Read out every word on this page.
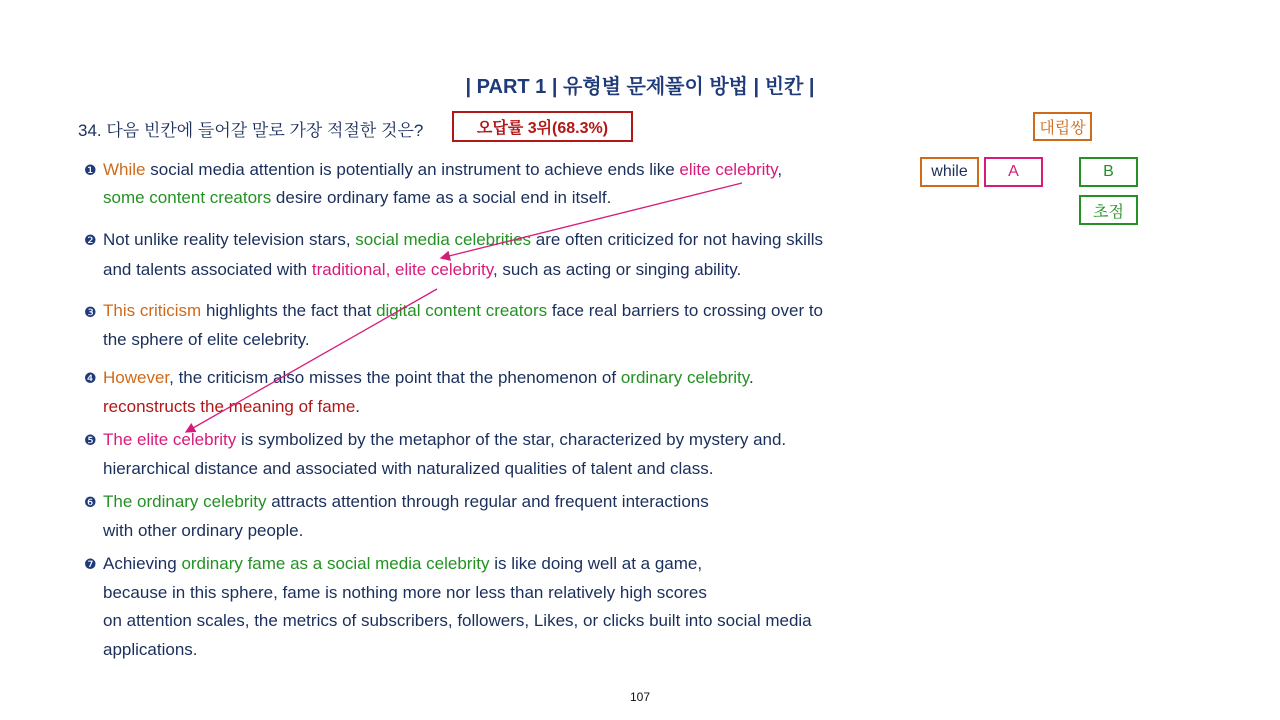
| PART 1 | 유형별 문제풀이 방법 | 빈칸 |
34. 다음 빈칸에 들어갈 말로 가장 적절한 것은?	오답률 3위(68.3%)	대립쌍
while	A	B
초점
❶ While social media attention is potentially an instrument to achieve ends like elite celebrity,
some content creators desire ordinary fame as a social end in itself.
❷ Not unlike reality television stars, social media celebrities are often criticized for not having skills
and talents associated with traditional, elite celebrity, such as acting or singing ability.
❸ This criticism highlights the fact that digital content creators face real barriers to crossing over to
the sphere of elite celebrity.
❹ However, the criticism also misses the point that the phenomenon of ordinary celebrity.
reconstructs the meaning of fame.
❺ The elite celebrity is symbolized by the metaphor of the star, characterized by mystery and.
hierarchical distance and associated with naturalized qualities of talent and class.
❻ The ordinary celebrity attracts attention through regular and frequent interactions
with other ordinary people.
❼ Achieving ordinary fame as a social media celebrity is like doing well at a game,
because in this sphere, fame is nothing more nor less than relatively high scores
on attention scales, the metrics of subscribers, followers, Likes, or clicks built into social media
applications.
107
